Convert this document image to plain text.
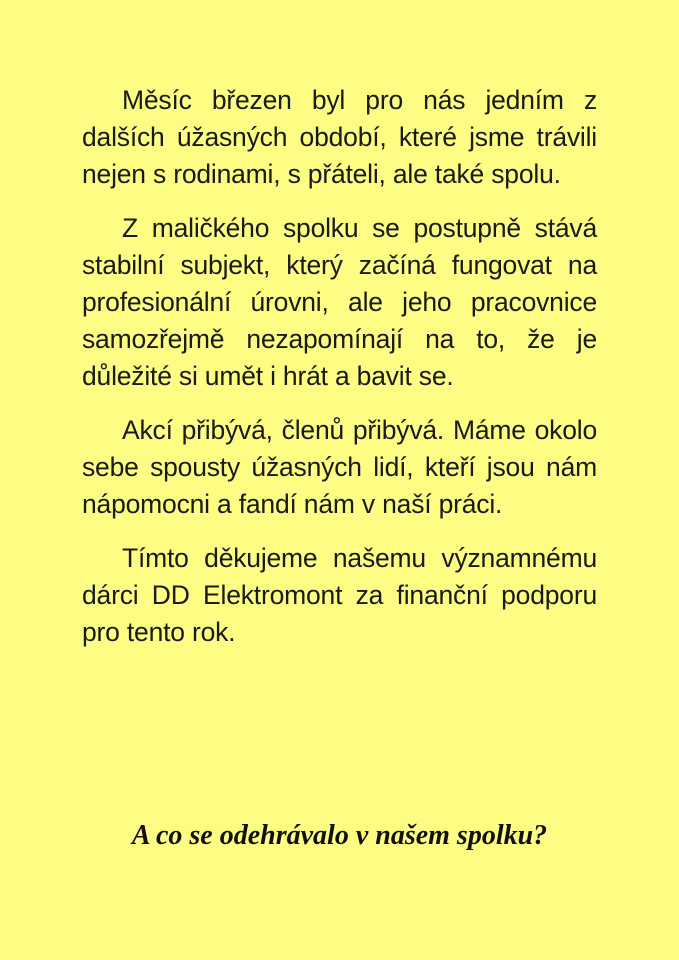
Měsíc březen byl pro nás jedním z dalších úžasných období, které jsme trávili nejen s rodinami, s přáteli, ale také spolu.

Z maličkého spolku se postupně stává stabilní subjekt, který začíná fungovat na profesionální úrovni, ale jeho pracovnice samozřejmě nezapomínají na to, že je důležité si umět i hrát a bavit se.

Akcí přibývá, členů přibývá. Máme okolo sebe spousty úžasných lidí, kteří jsou nám nápomocni a fandí nám v naší práci.

Tímto děkujeme našemu významnému dárci DD Elektromont za finanční podporu pro tento rok.

A co se odehrávalo v našem spolku?
